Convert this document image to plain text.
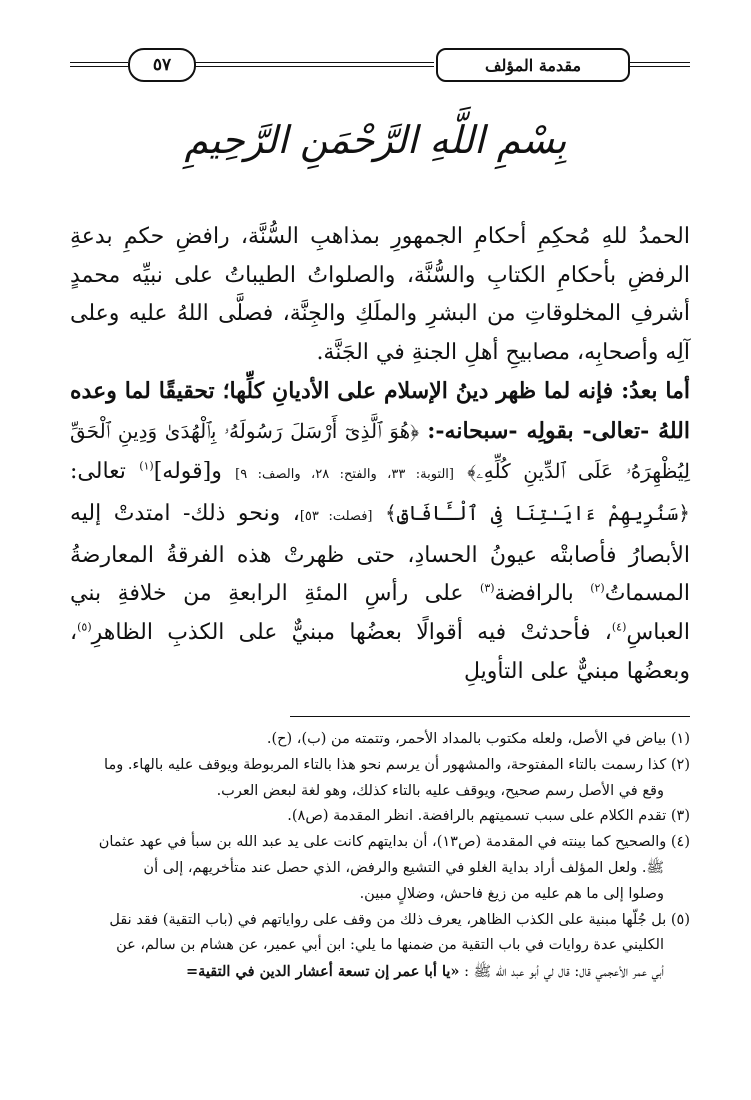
٥٧	مقدمة المؤلف
بِسْمِ اللَّهِ الرَّحْمَنِ الرَّحِيمِ

الحمدُ للهِ مُحكِمِ أحكامِ الجمهورِ بمذاهبِ السُّنَّة، رافضِ حكمِ بدعةِ الرفضِ بأحكامِ الكتابِ والسُّنَّة، والصلواتُ الطيباتُ على نبيِّه محمدٍ أشرفِ المخلوقاتِ من البشرِ والملَكِ والجِنَّة، فصلَّى اللهُ عليه وعلى آلِه وأصحابِه، مصابيحِ أهلِ الجنةِ في الجَنَّة.

أما بعدُ: فإنه لما ظهر دينُ الإسلام على الأديانِ كلِّها؛ تحقيقًا لما وعده اللهُ -تعالى- بقولِه -سبحانه-: ﴿هُوَ ٱلَّذِىٓ أَرْسَلَ رَسُولَهُۥ بِٱلْهُدَىٰ وَدِينِ ٱلْحَقِّ لِيُظْهِرَهُۥ عَلَى ٱلدِّينِ كُلِّهِۦ﴾ [التوبة: ٣٣، والفتح: ٢٨، والصف: ٩] و[قوله]$^{(١)}$ تعالى: ﴿سَنُرِيهِمْ ءَايَـٰتِنَا فِى ٱلْـَٔافَاقِ﴾ [فصلت: ٥٣]، ونحو ذلك- امتدتْ إليه الأبصارُ فأصابتْه عيونُ الحسادِ، حتى ظهرتْ هذه الفرقةُ المعارضةُ المسماتُ$^{(٢)}$ بالرافضة$^{(٣)}$ على رأسِ المئةِ الرابعةِ من خلافةِ بني العباسِ$^{(٤)}$، فأحدثتْ فيه أقوالًا بعضُها مبنيٌّ على الكذبِ الظاهرِ$^{(٥)}$، وبعضُها مبنيٌّ على التأويلِ

(١) بياض في الأصل، ولعله مكتوب بالمداد الأحمر، وتتمته من (ب)، (ح).

(٢) كذا رسمت بالتاء المفتوحة، والمشهور أن يرسم نحو هذا بالتاء المربوطة ويوقف عليه بالهاء. وما

وقع في الأصل رسم صحيح، ويوقف عليه بالتاء كذلك، وهو لغة لبعض العرب.

(٣) تقدم الكلام على سبب تسميتهم بالرافضة. انظر المقدمة (ص٨).

(٤) والصحيح كما بينته في المقدمة (ص١٣)، أن بدايتهم كانت على يد عبد الله بن سبأ في عهد عثمان

ﷺ. ولعل المؤلف أراد بداية الغلو في التشيع والرفض، الذي حصل عند متأخريهم، إلى أن

وصلوا إلى ما هم عليه من زيغ فاحش، وضلالٍ مبين.

(٥) بل جُلّها مبنية على الكذب الظاهر، يعرف ذلك من وقف على رواياتهم في (باب التقية) فقد نقل

الكليني عدة روايات في باب التقية من ضمنها ما يلي: ابن أبي عمير، عن هشام بن سالم، عن

أبي عمر الأعجمي قال: قال لي أبو عبد الله ﷺ : «يا أبا عمر إن تسعة أعشار الدين في التقية=
